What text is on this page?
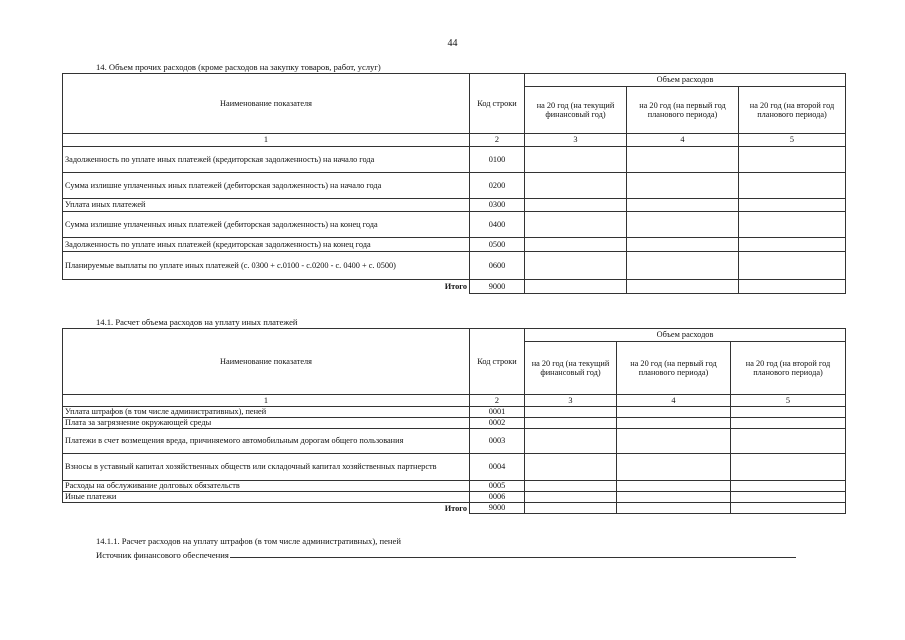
44
14. Объем прочих расходов (кроме расходов на закупку товаров, работ, услуг)
Наименование показателя	Код строки	Объем расходов		
		на 20 год (на текущий финансовый год)	на 20 год (на первый год планового периода)	на 20 год (на второй год планового периода)
1	2	3	4	5
Задолженность по уплате иных платежей (кредиторская задолженность) на начало года	0100			
Сумма излишне уплаченных иных платежей (дебиторская задолженность) на начало года	0200			
Уплата иных платежей	0300			
Сумма излишне уплаченных иных платежей (дебиторская задолженность) на конец года	0400			
Задолженность по уплате иных платежей (кредиторская задолженность) на конец года	0500			
Планируемые выплаты по уплате иных платежей (с. 0300 + с.0100 - с.0200 - с. 0400 + с. 0500)	0600			
Итого	9000			
14.1. Расчет объема расходов на уплату иных платежей
Наименование показателя	Код строки	Объем расходов		
		на 20 год (на текущий финансовый год)	на 20 год (на первый год планового периода)	на 20 год (на второй год планового периода)
1	2	3	4	5
Уплата штрафов (в том числе административных), пеней	0001			
Плата за загрязнение окружающей среды	0002			
Платежи в счет возмещения вреда, причиняемого автомобильным дорогам общего пользования	0003			
Взносы в уставный капитал хозяйственных обществ или складочный капитал хозяйственных партнерств	0004			
Расходы на обслуживание долговых обязательств	0005			
Иные платежи	0006			
Итого	9000			
14.1.1. Расчет расходов на уплату штрафов (в том числе административных), пеней
Источник финансового обеспечения
